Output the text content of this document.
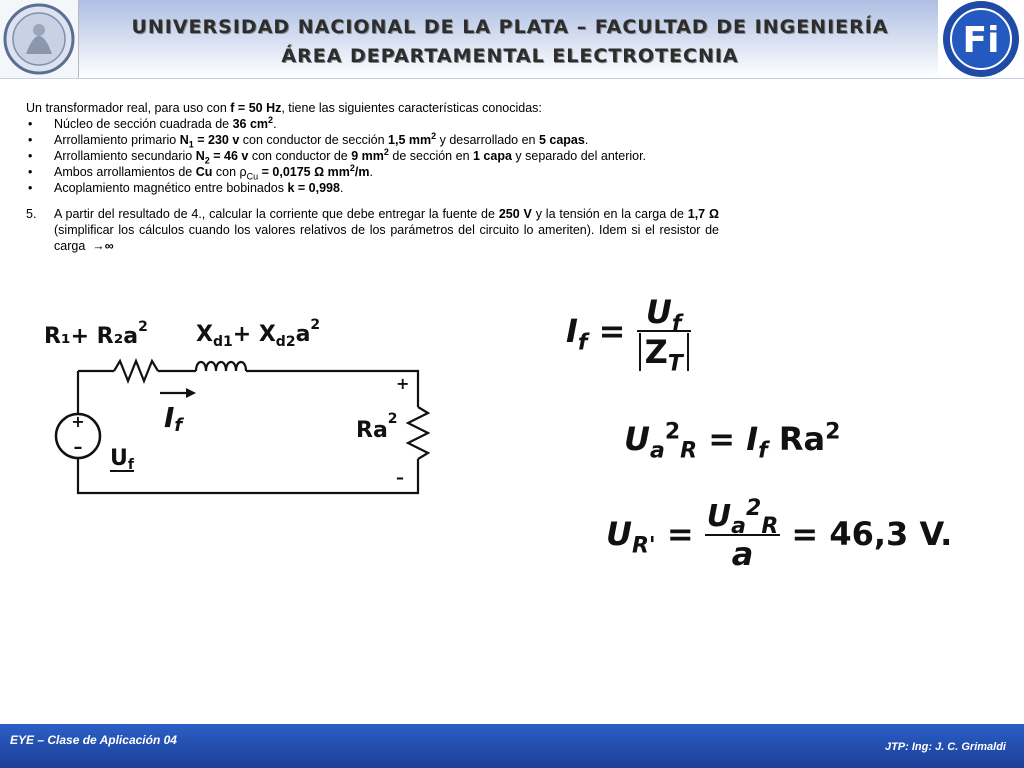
UNIVERSIDAD NACIONAL DE LA PLATA – FACULTAD DE INGENIERÍA
ÁREA DEPARTAMENTAL ELECTROTECNIA	Fi

Un transformador real, para uso con f = 50 Hz, tiene las siguientes características conocidas:

• Núcleo de sección cuadrada de 36 $cm^2$.
• Arrollamiento primario $N_1 = 230$ v con conductor de sección 1,5 $mm^2$ y desarrollado en 5 capas.
• Arrollamiento secundario $N_2 = 46$ v con conductor de 9 $mm^2$ de sección en 1 capa y separado del anterior.
• Ambos arrollamientos de Cu con $\rho_{Cu} = 0,0175$ Ω $mm^2/m$.
• Acoplamiento magnético entre bobinados k = 0,998.

5. A partir del resultado de 4., calcular la corriente que debe entregar la fuente de 250 V y la tensión en la carga de 1,7 Ω (simplificar los cálculos cuando los valores relativos de los parámetros del circuito lo ameriten). Idem si el resistor de carga  →∞

$R_1+ R_2a^2$ $X_{d1}+ X_{d2}a^2$
+
– Uf
If
+
$Ra^2$
–
$I_f = \frac{U_f}{Z_T}$
$U_a^2_R = I_f$ Ra$^2$
$U_{R'} = \frac{U_a^2_R}{a} = 46,3$ V.
EYE – Clase de Aplicación 04	JTP: Ing: J. C. Grimaldi
